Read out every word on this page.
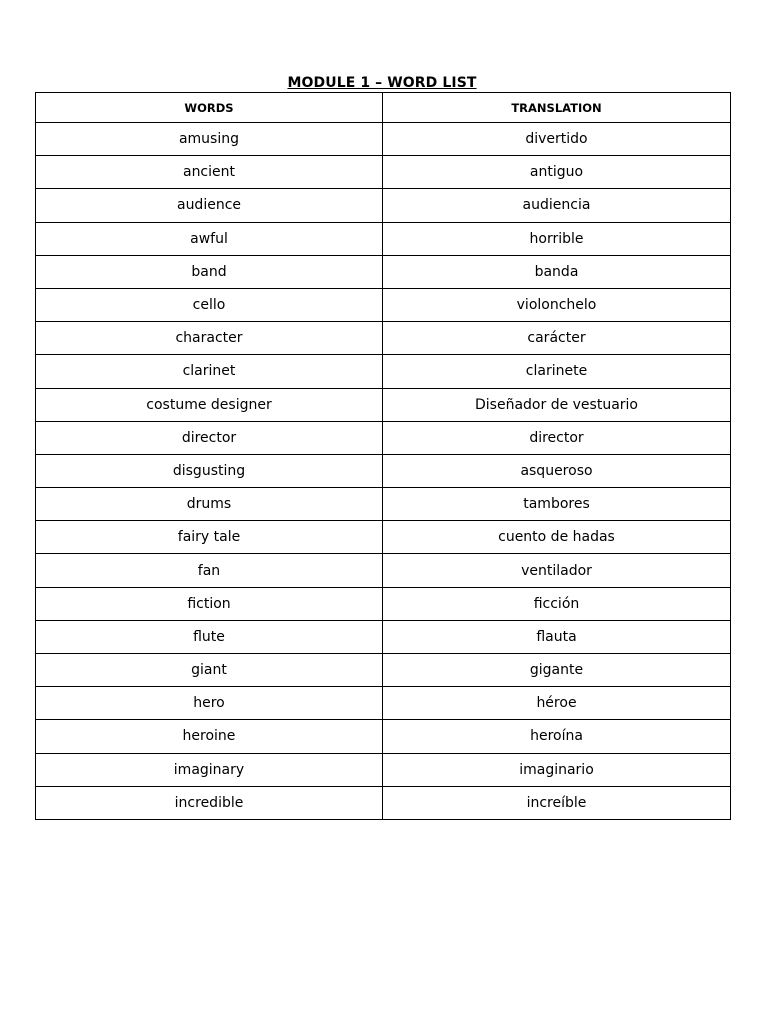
MODULE 1 – WORD LIST
WORDS	TRANSLATION
amusing	divertido
ancient	antiguo
audience	audiencia
awful	horrible
band	banda
cello	violonchelo
character	carácter
clarinet	clarinete
costume designer	Diseñador de vestuario
director	director
disgusting	asqueroso
drums	tambores
fairy tale	cuento de hadas
fan	ventilador
fiction	ficción
flute	flauta
giant	gigante
hero	héroe
heroine	heroína
imaginary	imaginario
incredible	increíble
